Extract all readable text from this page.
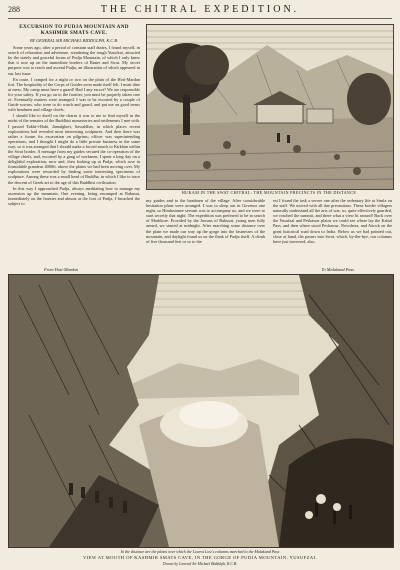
288	THE CHITRAL EXPEDITION.
EXCURSION TO PUDJA MOUNTAIN AND KASHMIR SMATS CAVE.
BY GENERAL SIR MICHAEL BIDDULPH, K.C.B.

Some years ago, after a period of constant staff duties, I found myself, in search of relaxation and adventure, wandering the rough Yusufzai, attracted by the stately and graceful forms of Pudja Mountain, of which I only knew that it rose up on the immediate borders of Buner and Swat. My secret purpose was to reach and ascend Pudja, an illustration of which appeared in our last issue.

En route, I camped for a night or two on the plain of the Hoti-Mardan fort. The hospitality of the Corps of Guides soon made itself felt. I must dine at mess. My camp must have a guard! Had I any escort? We are responsible for your safety. If you go on to the frontier, you must be properly taken care of. Eventually matters were arranged. I was to be escorted by a couple of Guide sowars, who were to do watch and guard, and put me on good terms with headmen and village chiefs.

I should like to dwell on the charm it was to me to find myself in the midst of the remains of the Buddhist monasteries and settlements I met with. I passed Takht-i-Bahi, Jamalgheri, Sawaldher, in which places recent explorations had revealed most interesting sculptures. And then there was rather a forum for excavation on pilgrims; officer was superintending operations, and I thought I might do a little private business in the same way; so it was arranged that I should make a forced march to Kirkhan within the Swat border. A message from my guides secured the co-operation of the village chiefs, and, escorted by a gang of workmen, I spent a long day on a delightful exploration, now and, then looking up at Pudja, which rose in formidable grandeur 4000ft. above the plains we had been moving over. My explorations were rewarded by finding some interesting specimens of sculpture. Among these was a small head of Buddha, in which I like to trace the descent of Greek art to the age of this Buddhist civilisation.

In this way I approached Pudja, always meditating how to manage my ascension up the mountain. One evening, being encamped at Rabusai, immediately on the frontier and almost at the foot of Pudja, I broached the subject to

HUKAM IN THE SWAT CHITRAL: THE MOUNTAIN PRECINCTS IN THE DISTANCE

my guides and to the headmen of the village. After considerable hesitation plans were arranged. I was to sleep out in Govenor one night, so Hindustanee servant was to accompany us, and we were to start secretly that night. The expedition was preferred to be in search of Markhore. Provided by the Jawans of Bahusai, young men fully armed, we started at midnight. After marching some distance over the plain we made our way up the gorge into the fastnesses of the mountain, and daylight found us on the flank of Pudja itself. A climb of five thousand feet or so to the

est I found the task a severe one after the sedentary life at Simla on the staff. We moved with all due precautions. These border villagers naturally understand all the arts of war, so, quite effectively guarded, we reached the summit, and there what a view lit around! Back over the Yusufzai and Peshawar plains we could see where lay the Kabul Pass, and then where stood Peshawur, Nowshera, and Attock on the great historical road down to India. Below us we had pointed out, close at hand, the passes into Swat, which, by-the-bye, our columns have just traversed; also,

From Hoti-Mardan	To Malakand Pass
In the distance are the plains over which the Lowest Low's columns marched to the Malakand Pass
VIEW AT MOUTH OF KASHMIR SMATS CAVE, IN THE GORGE OF PUDJA MOUNTAIN, YUSUFZAI.
Drawn by General Sir Michael Biddulph, K.C.B.
